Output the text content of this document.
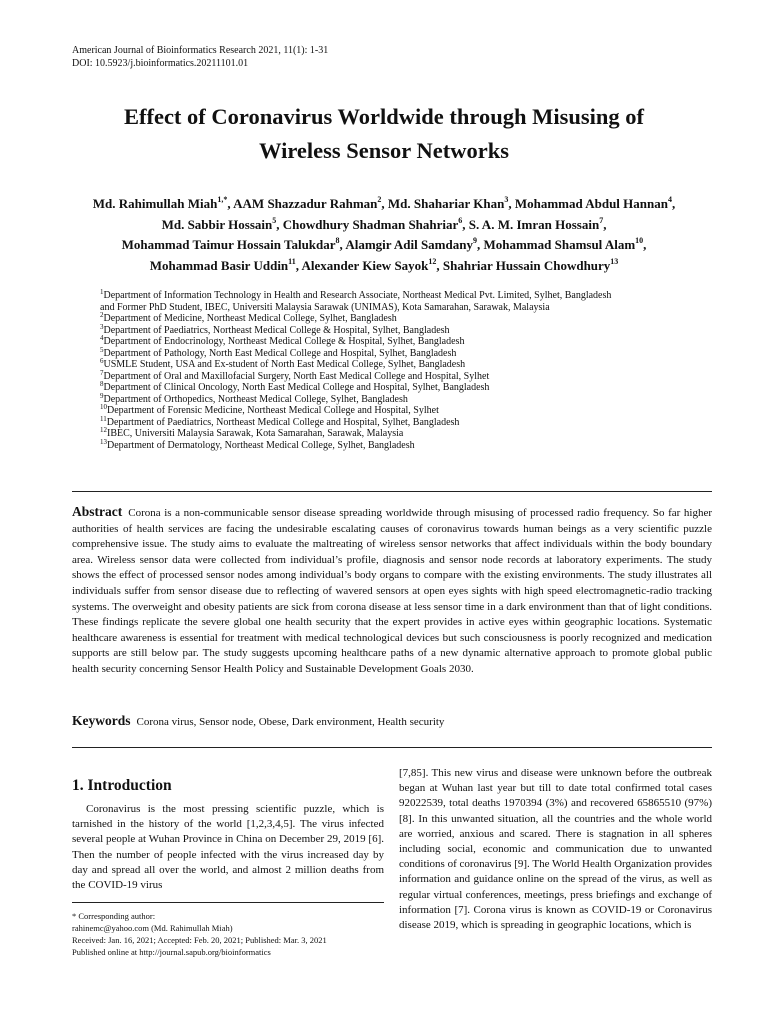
American Journal of Bioinformatics Research 2021, 11(1): 1-31
DOI: 10.5923/j.bioinformatics.20211101.01
Effect of Coronavirus Worldwide through Misusing of
Wireless Sensor Networks
Md. Rahimullah Miah$^{1,*}$, AAM Shazzadur Rahman$^2$, Md. Shahariar Khan$^3$, Mohammad Abdul Hannan$^4$,
Md. Sabbir Hossain$^5$, Chowdhury Shadman Shahriar$^6$, S. A. M. Imran Hossain$^7$,
Mohammad Taimur Hossain Talukdar$^8$, Alamgir Adil Samdany$^9$, Mohammad Shamsul Alam$^{10}$,
Mohammad Basir Uddin$^{11}$, Alexander Kiew Sayok$^{12}$, Shahriar Hussain Chowdhury$^{13}$
$^1$Department of Information Technology in Health and Research Associate, Northeast Medical Pvt. Limited, Sylhet, Bangladesh
and Former PhD Student, IBEC, Universiti Malaysia Sarawak (UNIMAS), Kota Samarahan, Sarawak, Malaysia
$^2$Department of Medicine, Northeast Medical College, Sylhet, Bangladesh
$^3$Department of Paediatrics, Northeast Medical College & Hospital, Sylhet, Bangladesh
$^4$Department of Endocrinology, Northeast Medical College & Hospital, Sylhet, Bangladesh
$^5$Department of Pathology, North East Medical College and Hospital, Sylhet, Bangladesh
$^6$USMLE Student, USA and Ex-student of North East Medical College, Sylhet, Bangladesh
$^7$Department of Oral and Maxillofacial Surgery, North East Medical College and Hospital, Sylhet
$^8$Department of Clinical Oncology, North East Medical College and Hospital, Sylhet, Bangladesh
$^9$Department of Orthopedics, Northeast Medical College, Sylhet, Bangladesh
$^{10}$Department of Forensic Medicine, Northeast Medical College and Hospital, Sylhet
$^{11}$Department of Paediatrics, Northeast Medical College and Hospital, Sylhet, Bangladesh
$^{12}$IBEC, Universiti Malaysia Sarawak, Kota Samarahan, Sarawak, Malaysia
$^{13}$Department of Dermatology, Northeast Medical College, Sylhet, Bangladesh
Abstract Corona is a non-communicable sensor disease spreading worldwide through misusing of processed radio frequency. So far higher authorities of health services are facing the undesirable escalating causes of coronavirus towards human beings as a very scientific puzzle comprehensive issue. The study aims to evaluate the maltreating of wireless sensor networks that affect individuals within the body boundary area. Wireless sensor data were collected from individual’s profile, diagnosis and sensor node records at laboratory experiments. The study shows the effect of processed sensor nodes among individual’s body organs to compare with the existing environments. The study illustrates all individuals suffer from sensor disease due to reflecting of wavered sensors at open eyes sights with high speed electromagnetic-radio tracking systems. The overweight and obesity patients are sick from corona disease at less sensor time in a dark environment than that of light conditions. These findings replicate the severe global one health security that the expert provides in active eyes within geographic locations. Systematic healthcare awareness is essential for treatment with medical technological devices but such consciousness is poorly recognized and medication supports are still below par. The study suggests upcoming healthcare paths of a new dynamic alternative approach to promote global public health security concerning Sensor Health Policy and Sustainable Development Goals 2030.
Keywords Corona virus, Sensor node, Obese, Dark environment, Health security
1. Introduction
Coronavirus is the most pressing scientific puzzle, which is tarnished in the history of the world [1,2,3,4,5]. The virus infected several people at Wuhan Province in China on December 29, 2019 [6]. Then the number of people infected with the virus increased day by day and spread all over the world, and almost 2 million deaths from the COVID-19 virus
* Corresponding author:
rahinemc@yahoo.com (Md. Rahimullah Miah)
Received: Jan. 16, 2021; Accepted: Feb. 20, 2021; Published: Mar. 3, 2021
Published online at http://journal.sapub.org/bioinformatics
[7,85]. This new virus and disease were unknown before the outbreak began at Wuhan last year but till to date total confirmed total cases 92022539, total deaths 1970394 (3%) and recovered 65865510 (97%) [8]. In this unwanted situation, all the countries and the whole world are worried, anxious and scared. There is stagnation in all spheres including social, economic and communication due to unwanted conditions of coronavirus [9]. The World Health Organization provides information and guidance online on the spread of the virus, as well as regular virtual conferences, meetings, press briefings and exchange of information [7]. Corona virus is known as COVID-19 or Coronavirus disease 2019, which is spreading in geographic locations, which is
